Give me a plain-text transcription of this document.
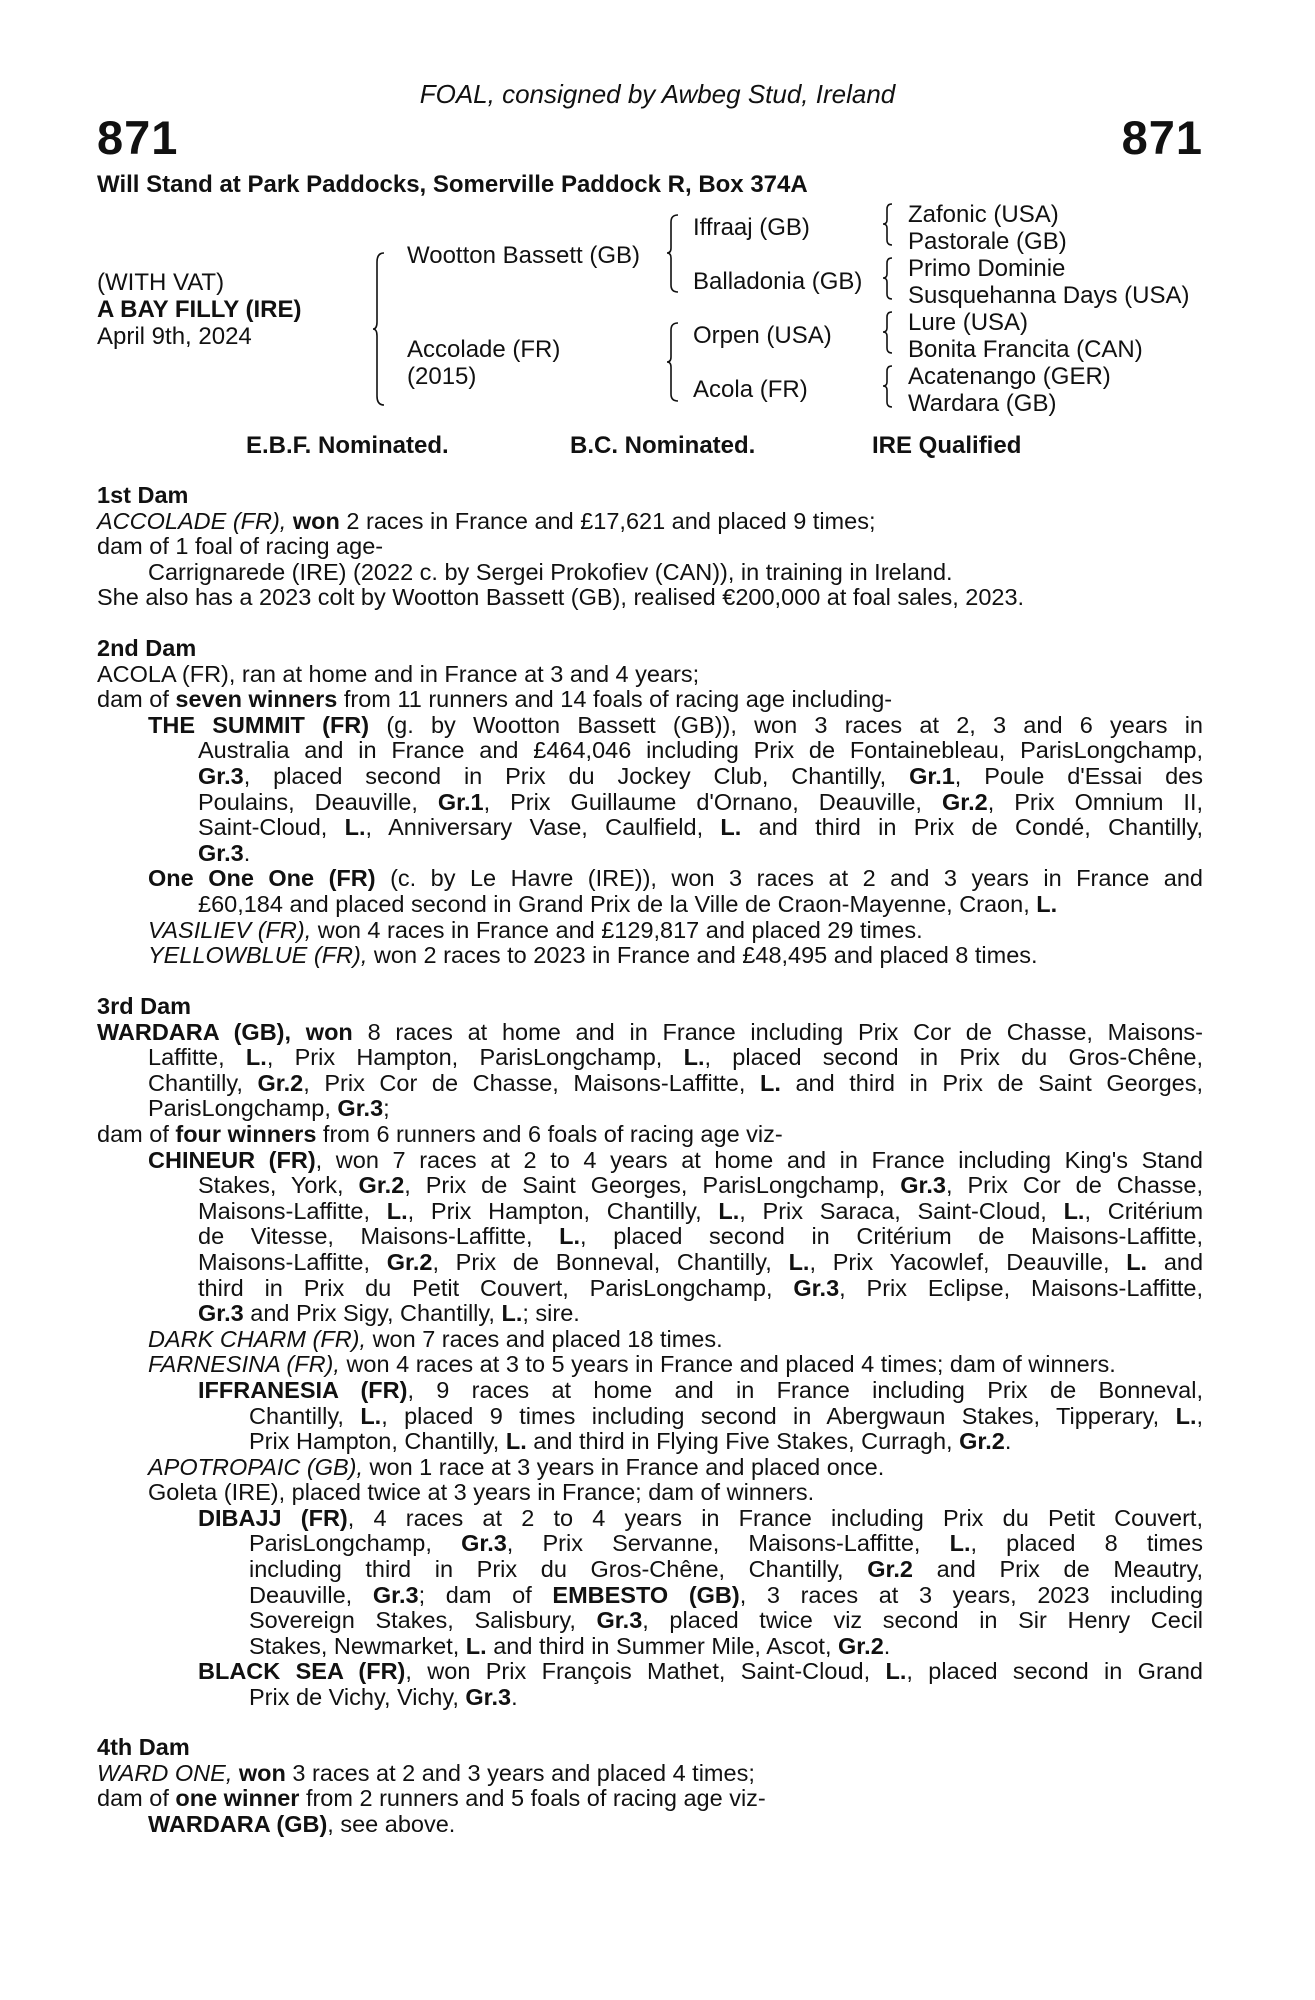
FOAL, consigned by Awbeg Stud, Ireland
871	871
Will Stand at Park Paddocks, Somerville Paddock R, Box 374A
(WITH VAT)
A BAY FILLY (IRE)
April 9th, 2024
Wootton Bassett (GB)
Accolade (FR)
(2015)
Iffraaj (GB)
Balladonia (GB)
Orpen (USA)
Acola (FR)
Zafonic (USA)
Pastorale (GB)
Primo Dominie
Susquehanna Days (USA)
Lure (USA)
Bonita Francita (CAN)
Acatenango (GER)
Wardara (GB)
E.B.F. Nominated.	B.C. Nominated.	IRE Qualified
1st Dam
ACCOLADE (FR), won 2 races in France and £17,621 and placed 9 times;
dam of 1 foal of racing age-
Carrignarede (IRE) (2022 c. by Sergei Prokofiev (CAN)), in training in Ireland.
She also has a 2023 colt by Wootton Bassett (GB), realised €200,000 at foal sales, 2023.
2nd Dam
ACOLA (FR), ran at home and in France at 3 and 4 years;
dam of seven winners from 11 runners and 14 foals of racing age including-
THE SUMMIT (FR) (g. by Wootton Bassett (GB)), won 3 races at 2, 3 and 6 years in
Australia and in France and £464,046 including Prix de Fontainebleau, ParisLongchamp,
Gr.3, placed second in Prix du Jockey Club, Chantilly, Gr.1, Poule d'Essai des
Poulains, Deauville, Gr.1, Prix Guillaume d'Ornano, Deauville, Gr.2, Prix Omnium II,
Saint-Cloud, L., Anniversary Vase, Caulfield, L. and third in Prix de Condé, Chantilly,
Gr.3.
One One One (FR) (c. by Le Havre (IRE)), won 3 races at 2 and 3 years in France and
£60,184 and placed second in Grand Prix de la Ville de Craon-Mayenne, Craon, L.
VASILIEV (FR), won 4 races in France and £129,817 and placed 29 times.
YELLOWBLUE (FR), won 2 races to 2023 in France and £48,495 and placed 8 times.
3rd Dam
WARDARA (GB), won 8 races at home and in France including Prix Cor de Chasse, Maisons-
Laffitte, L., Prix Hampton, ParisLongchamp, L., placed second in Prix du Gros-Chêne,
Chantilly, Gr.2, Prix Cor de Chasse, Maisons-Laffitte, L. and third in Prix de Saint Georges,
ParisLongchamp, Gr.3;
dam of four winners from 6 runners and 6 foals of racing age viz-
CHINEUR (FR), won 7 races at 2 to 4 years at home and in France including King's Stand
Stakes, York, Gr.2, Prix de Saint Georges, ParisLongchamp, Gr.3, Prix Cor de Chasse,
Maisons-Laffitte, L., Prix Hampton, Chantilly, L., Prix Saraca, Saint-Cloud, L., Critérium
de Vitesse, Maisons-Laffitte, L., placed second in Critérium de Maisons-Laffitte,
Maisons-Laffitte, Gr.2, Prix de Bonneval, Chantilly, L., Prix Yacowlef, Deauville, L. and
third in Prix du Petit Couvert, ParisLongchamp, Gr.3, Prix Eclipse, Maisons-Laffitte,
Gr.3 and Prix Sigy, Chantilly, L.; sire.
DARK CHARM (FR), won 7 races and placed 18 times.
FARNESINA (FR), won 4 races at 3 to 5 years in France and placed 4 times; dam of winners.
IFFRANESIA (FR), 9 races at home and in France including Prix de Bonneval,
Chantilly, L., placed 9 times including second in Abergwaun Stakes, Tipperary, L.,
Prix Hampton, Chantilly, L. and third in Flying Five Stakes, Curragh, Gr.2.
APOTROPAIC (GB), won 1 race at 3 years in France and placed once.
Goleta (IRE), placed twice at 3 years in France; dam of winners.
DIBAJJ (FR), 4 races at 2 to 4 years in France including Prix du Petit Couvert,
ParisLongchamp, Gr.3, Prix Servanne, Maisons-Laffitte, L., placed 8 times
including third in Prix du Gros-Chêne, Chantilly, Gr.2 and Prix de Meautry,
Deauville, Gr.3; dam of EMBESTO (GB), 3 races at 3 years, 2023 including
Sovereign Stakes, Salisbury, Gr.3, placed twice viz second in Sir Henry Cecil
Stakes, Newmarket, L. and third in Summer Mile, Ascot, Gr.2.
BLACK SEA (FR), won Prix François Mathet, Saint-Cloud, L., placed second in Grand
Prix de Vichy, Vichy, Gr.3.
4th Dam
WARD ONE, won 3 races at 2 and 3 years and placed 4 times;
dam of one winner from 2 runners and 5 foals of racing age viz-
WARDARA (GB), see above.
